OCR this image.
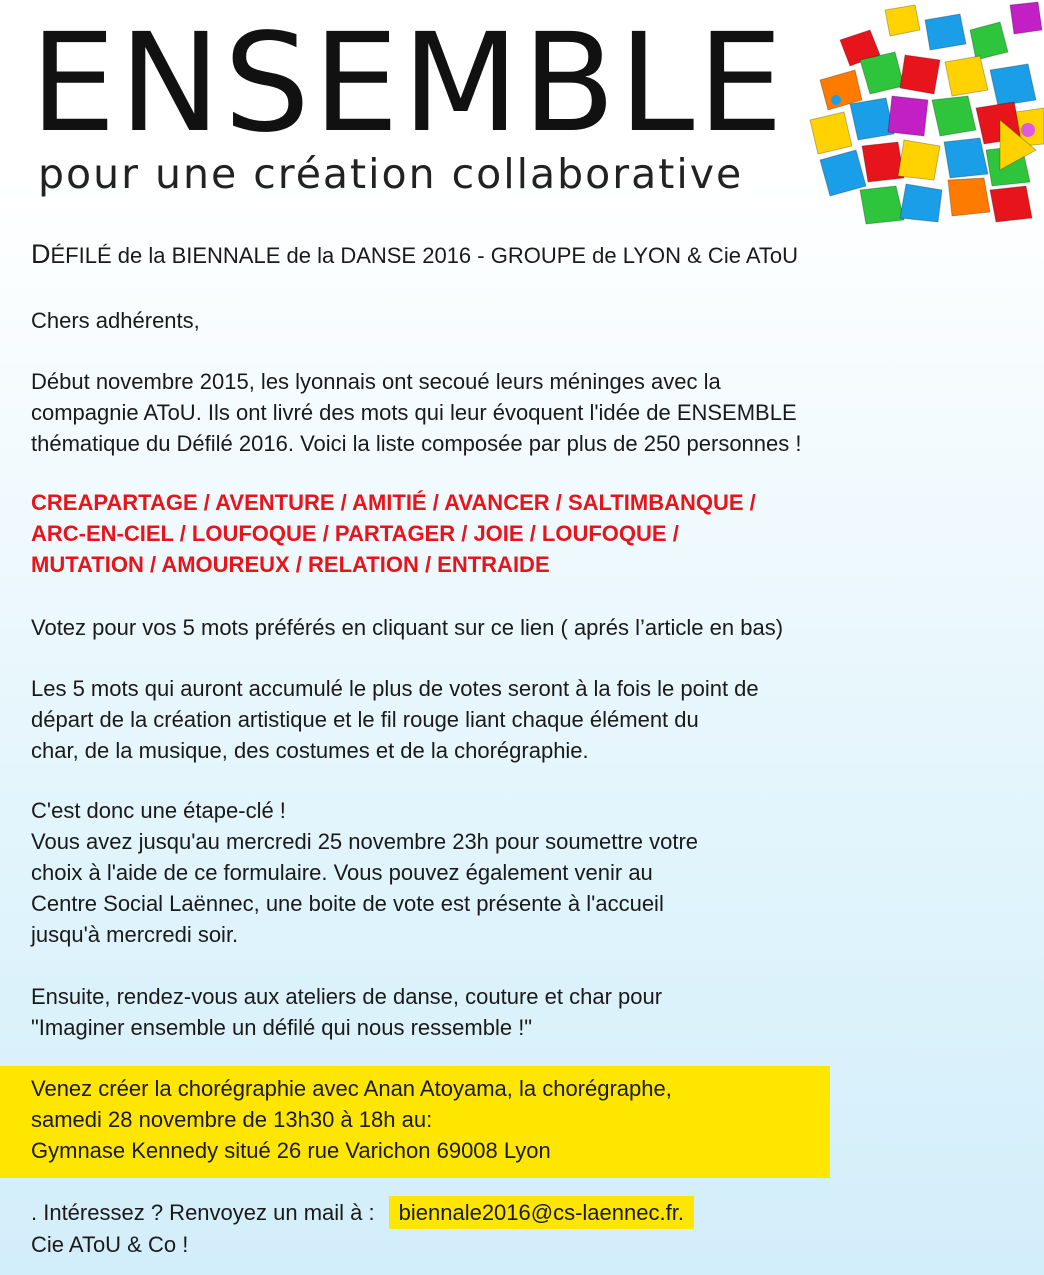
ENSEMBLE
pour une création collaborative
DÉFILÉ de la BIENNALE de la DANSE 2016 - GROUPE de LYON & Cie AToU
Chers adhérents,

Début novembre 2015, les lyonnais ont secoué leurs méninges avec la

compagnie AToU. Ils ont livré des mots qui leur évoquent l'idée de ENSEMBLE

thématique du Défilé 2016. Voici la liste composée par plus de 250 personnes !

CREAPARTAGE / AVENTURE / AMITIÉ / AVANCER / SALTIMBANQUE /

ARC-EN-CIEL / LOUFOQUE / PARTAGER / JOIE / LOUFOQUE /

MUTATION / AMOUREUX / RELATION / ENTRAIDE

Votez pour vos 5 mots préférés en cliquant sur ce lien ( aprés l’article en bas)

Les 5 mots qui auront accumulé le plus de votes seront à la fois le point de

départ de la création artistique et le fil rouge liant chaque élément du

char, de la musique, des costumes et de la chorégraphie.

C'est donc une étape-clé !

Vous avez jusqu'au mercredi 25 novembre 23h pour soumettre votre

choix à l'aide de ce formulaire. Vous pouvez également venir au

Centre Social Laënnec, une boite de vote est présente à l'accueil

jusqu'à mercredi soir.

Ensuite, rendez-vous aux ateliers de danse, couture et char pour

"Imaginer ensemble un défilé qui nous ressemble !"

Venez créer la chorégraphie avec Anan Atoyama, la chorégraphe,

samedi 28 novembre de 13h30 à 18h au:

Gymnase Kennedy situé 26 rue Varichon 69008 Lyon

. Intéressez ? Renvoyez un mail à : biennale2016@cs-laennec.fr.
Cie AToU & Co !
